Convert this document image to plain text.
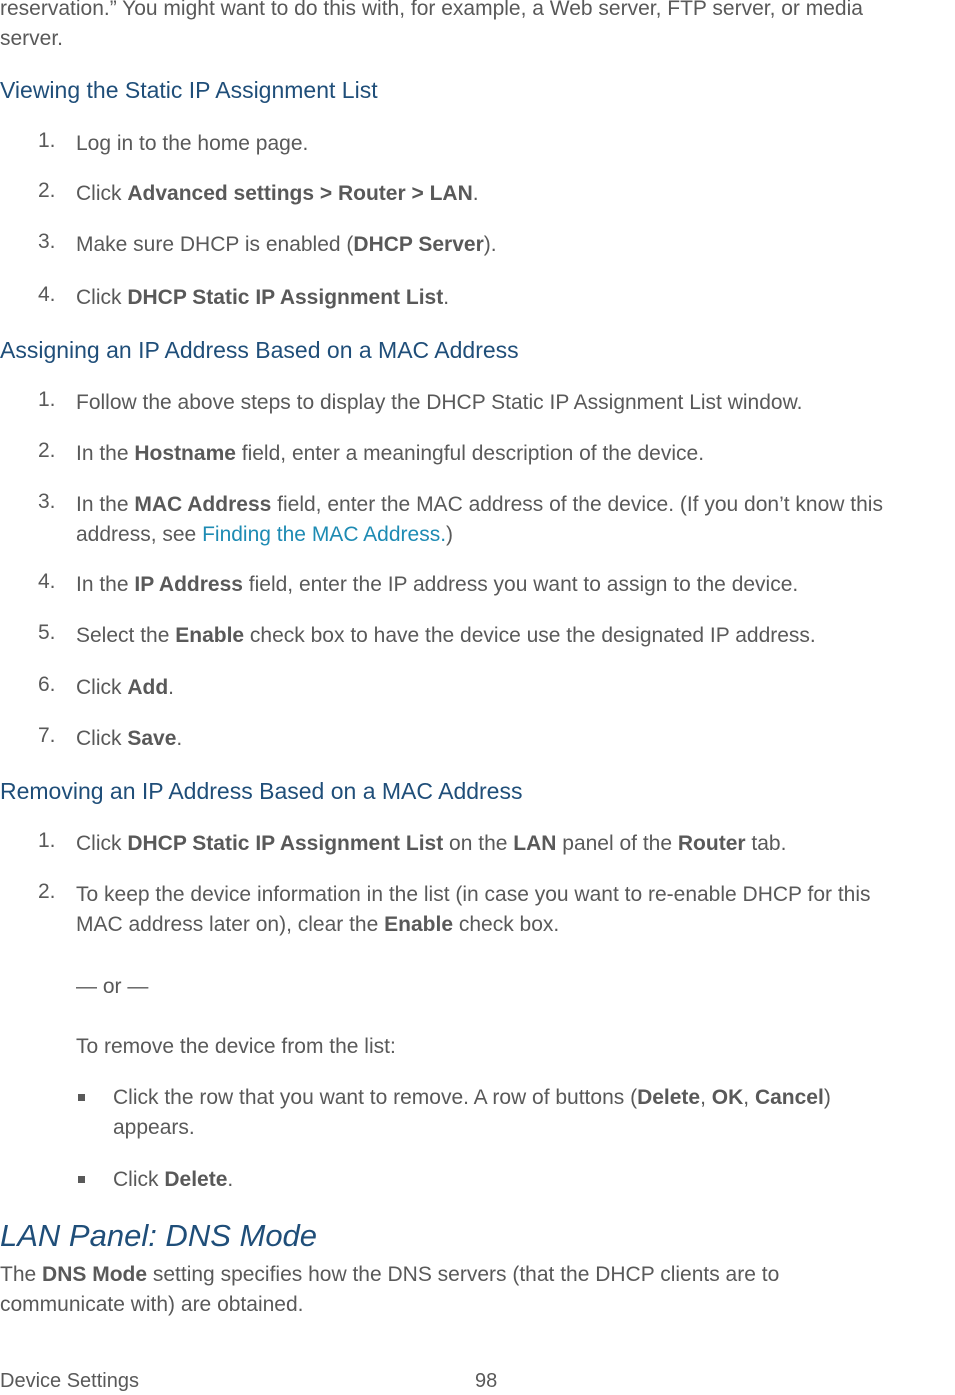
reservation.” You might want to do this with, for example, a Web server, FTP server, or media
server.
Viewing the Static IP Assignment List
1. Log in to the home page.
2. Click Advanced settings > Router > LAN.
3. Make sure DHCP is enabled (DHCP Server).
4. Click DHCP Static IP Assignment List.
Assigning an IP Address Based on a MAC Address
1. Follow the above steps to display the DHCP Static IP Assignment List window.
2. In the Hostname field, enter a meaningful description of the device.
3. In the MAC Address field, enter the MAC address of the device. (If you don’t know this
address, see Finding the MAC Address.)
4. In the IP Address field, enter the IP address you want to assign to the device.
5. Select the Enable check box to have the device use the designated IP address.
6. Click Add.
7. Click Save.
Removing an IP Address Based on a MAC Address
1. Click DHCP Static IP Assignment List on the LAN panel of the Router tab.
2. To keep the device information in the list (in case you want to re-enable DHCP for this
MAC address later on), clear the Enable check box.
— or —
To remove the device from the list:
Click the row that you want to remove. A row of buttons (Delete, OK, Cancel)
appears.
Click Delete.
LAN Panel: DNS Mode
The DNS Mode setting specifies how the DNS servers (that the DHCP clients are to
communicate with) are obtained.
Device Settings	98
